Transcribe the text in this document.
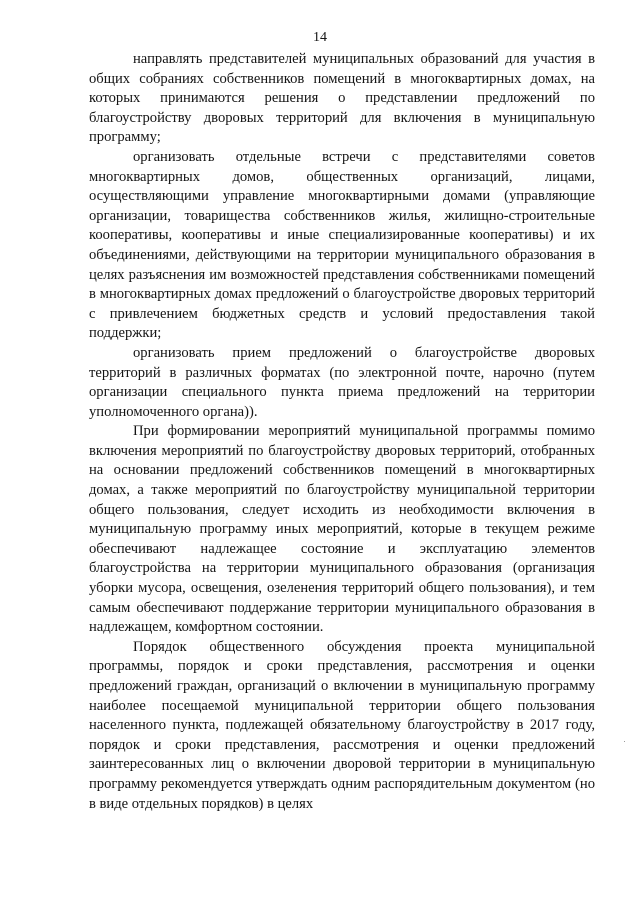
14

направлять представителей муниципальных образований для участия в общих собраниях собственников помещений в многоквартирных домах, на которых принимаются решения о представлении предложений по благоустройству дворовых территорий для включения в муниципальную программу;

организовать отдельные встречи с представителями советов многоквартирных домов, общественных организаций, лицами, осуществляющими управление многоквартирными домами (управляющие организации, товарищества собственников жилья, жилищно-строительные кооперативы, кооперативы и иные специализированные кооперативы) и их объединениями, действующими на территории муниципального образования в целях разъяснения им возможностей представления собственниками помещений в многоквартирных домах предложений о благоустройстве дворовых территорий с привлечением бюджетных средств и условий предоставления такой поддержки;

организовать прием предложений о благоустройстве дворовых территорий в различных форматах (по электронной почте, нарочно (путем организации специального пункта приема предложений на территории уполномоченного органа)).

При формировании мероприятий муниципальной программы помимо включения мероприятий по благоустройству дворовых территорий, отобранных на основании предложений собственников помещений в многоквартирных домах, а также мероприятий по благоустройству муниципальной территории общего пользования, следует исходить из необходимости включения в муниципальную программу иных мероприятий, которые в текущем режиме обеспечивают надлежащее состояние и эксплуатацию элементов благоустройства на территории муниципального образования (организация уборки мусора, освещения, озеленения территорий общего пользования), и тем самым обеспечивают поддержание территории муниципального образования в надлежащем, комфортном состоянии.

Порядок общественного обсуждения проекта муниципальной программы, порядок и сроки представления, рассмотрения и оценки предложений граждан, организаций о включении в муниципальную программу наиболее посещаемой муниципальной территории общего пользования населенного пункта, подлежащей обязательному благоустройству в 2017 году, порядок и сроки представления, рассмотрения и оценки предложений заинтересованных лиц о включении дворовой территории в муниципальную программу рекомендуется утверждать одним распорядительным документом (но в виде отдельных порядков) в целях
